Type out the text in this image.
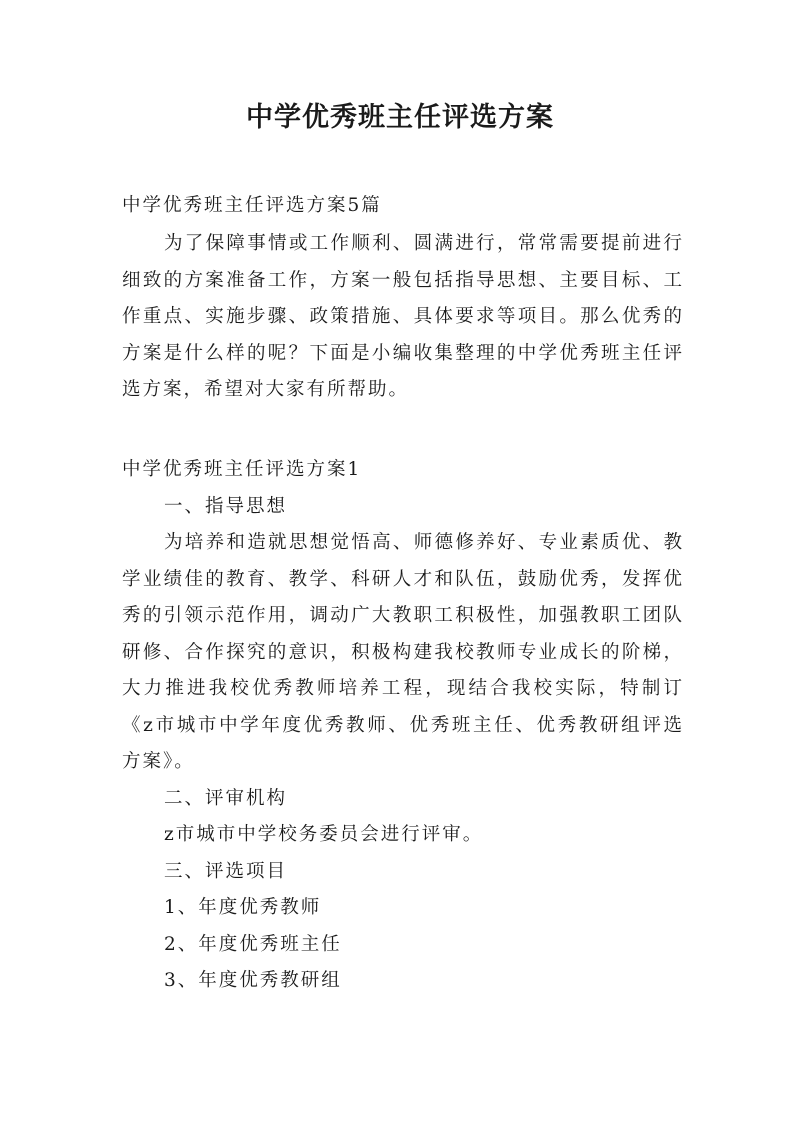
中学优秀班主任评选方案
中学优秀班主任评选方案5篇

为了保障事情或工作顺利、圆满进行，常常需要提前进行细致的方案准备工作，方案一般包括指导思想、主要目标、工作重点、实施步骤、政策措施、具体要求等项目。那么优秀的方案是什么样的呢？下面是小编收集整理的中学优秀班主任评选方案，希望对大家有所帮助。

中学优秀班主任评选方案1

一、指导思想

为培养和造就思想觉悟高、师德修养好、专业素质优、教学业绩佳的教育、教学、科研人才和队伍，鼓励优秀，发挥优秀的引领示范作用，调动广大教职工积极性，加强教职工团队研修、合作探究的意识，积极构建我校教师专业成长的阶梯，大力推进我校优秀教师培养工程，现结合我校实际，特制订《z市城市中学年度优秀教师、优秀班主任、优秀教研组评选方案》。

二、评审机构

z市城市中学校务委员会进行评审。

三、评选项目

1、年度优秀教师

2、年度优秀班主任

3、年度优秀教研组
